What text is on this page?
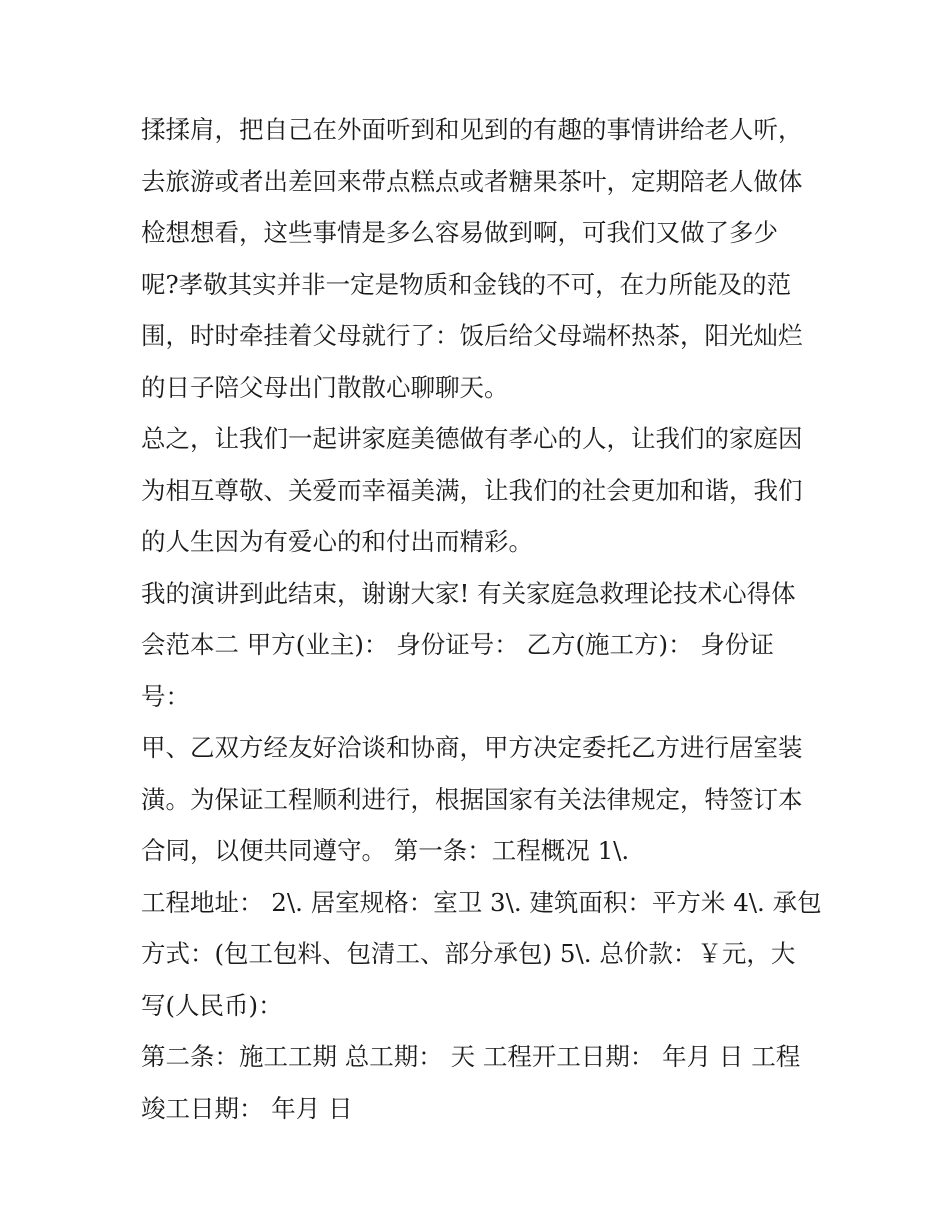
揉揉肩，把自己在外面听到和见到的有趣的事情讲给老人听，
去旅游或者出差回来带点糕点或者糖果茶叶，定期陪老人做体
检想想看，这些事情是多么容易做到啊，可我们又做了多少
呢?孝敬其实并非一定是物质和金钱的不可，在力所能及的范
围，时时牵挂着父母就行了：饭后给父母端杯热茶，阳光灿烂
的日子陪父母出门散散心聊聊天。
总之，让我们一起讲家庭美德做有孝心的人，让我们的家庭因
为相互尊敬、关爱而幸福美满，让我们的社会更加和谐，我们
的人生因为有爱心的和付出而精彩。
我的演讲到此结束，谢谢大家! 有关家庭急救理论技术心得体
会范本二 甲方(业主)： 身份证号： 乙方(施工方)： 身份证
号：
甲、乙双方经友好洽谈和协商，甲方决定委托乙方进行居室装
潢。为保证工程顺利进行，根据国家有关法律规定，特签订本
合同，以便共同遵守。 第一条：工程概况 1\.
工程地址： 2\. 居室规格：室卫 3\. 建筑面积：平方米 4\. 承包
方式：(包工包料、包清工、部分承包) 5\. 总价款：￥元，大
写(人民币)：
第二条：施工工期 总工期： 天 工程开工日期： 年月 日 工程
竣工日期： 年月 日
